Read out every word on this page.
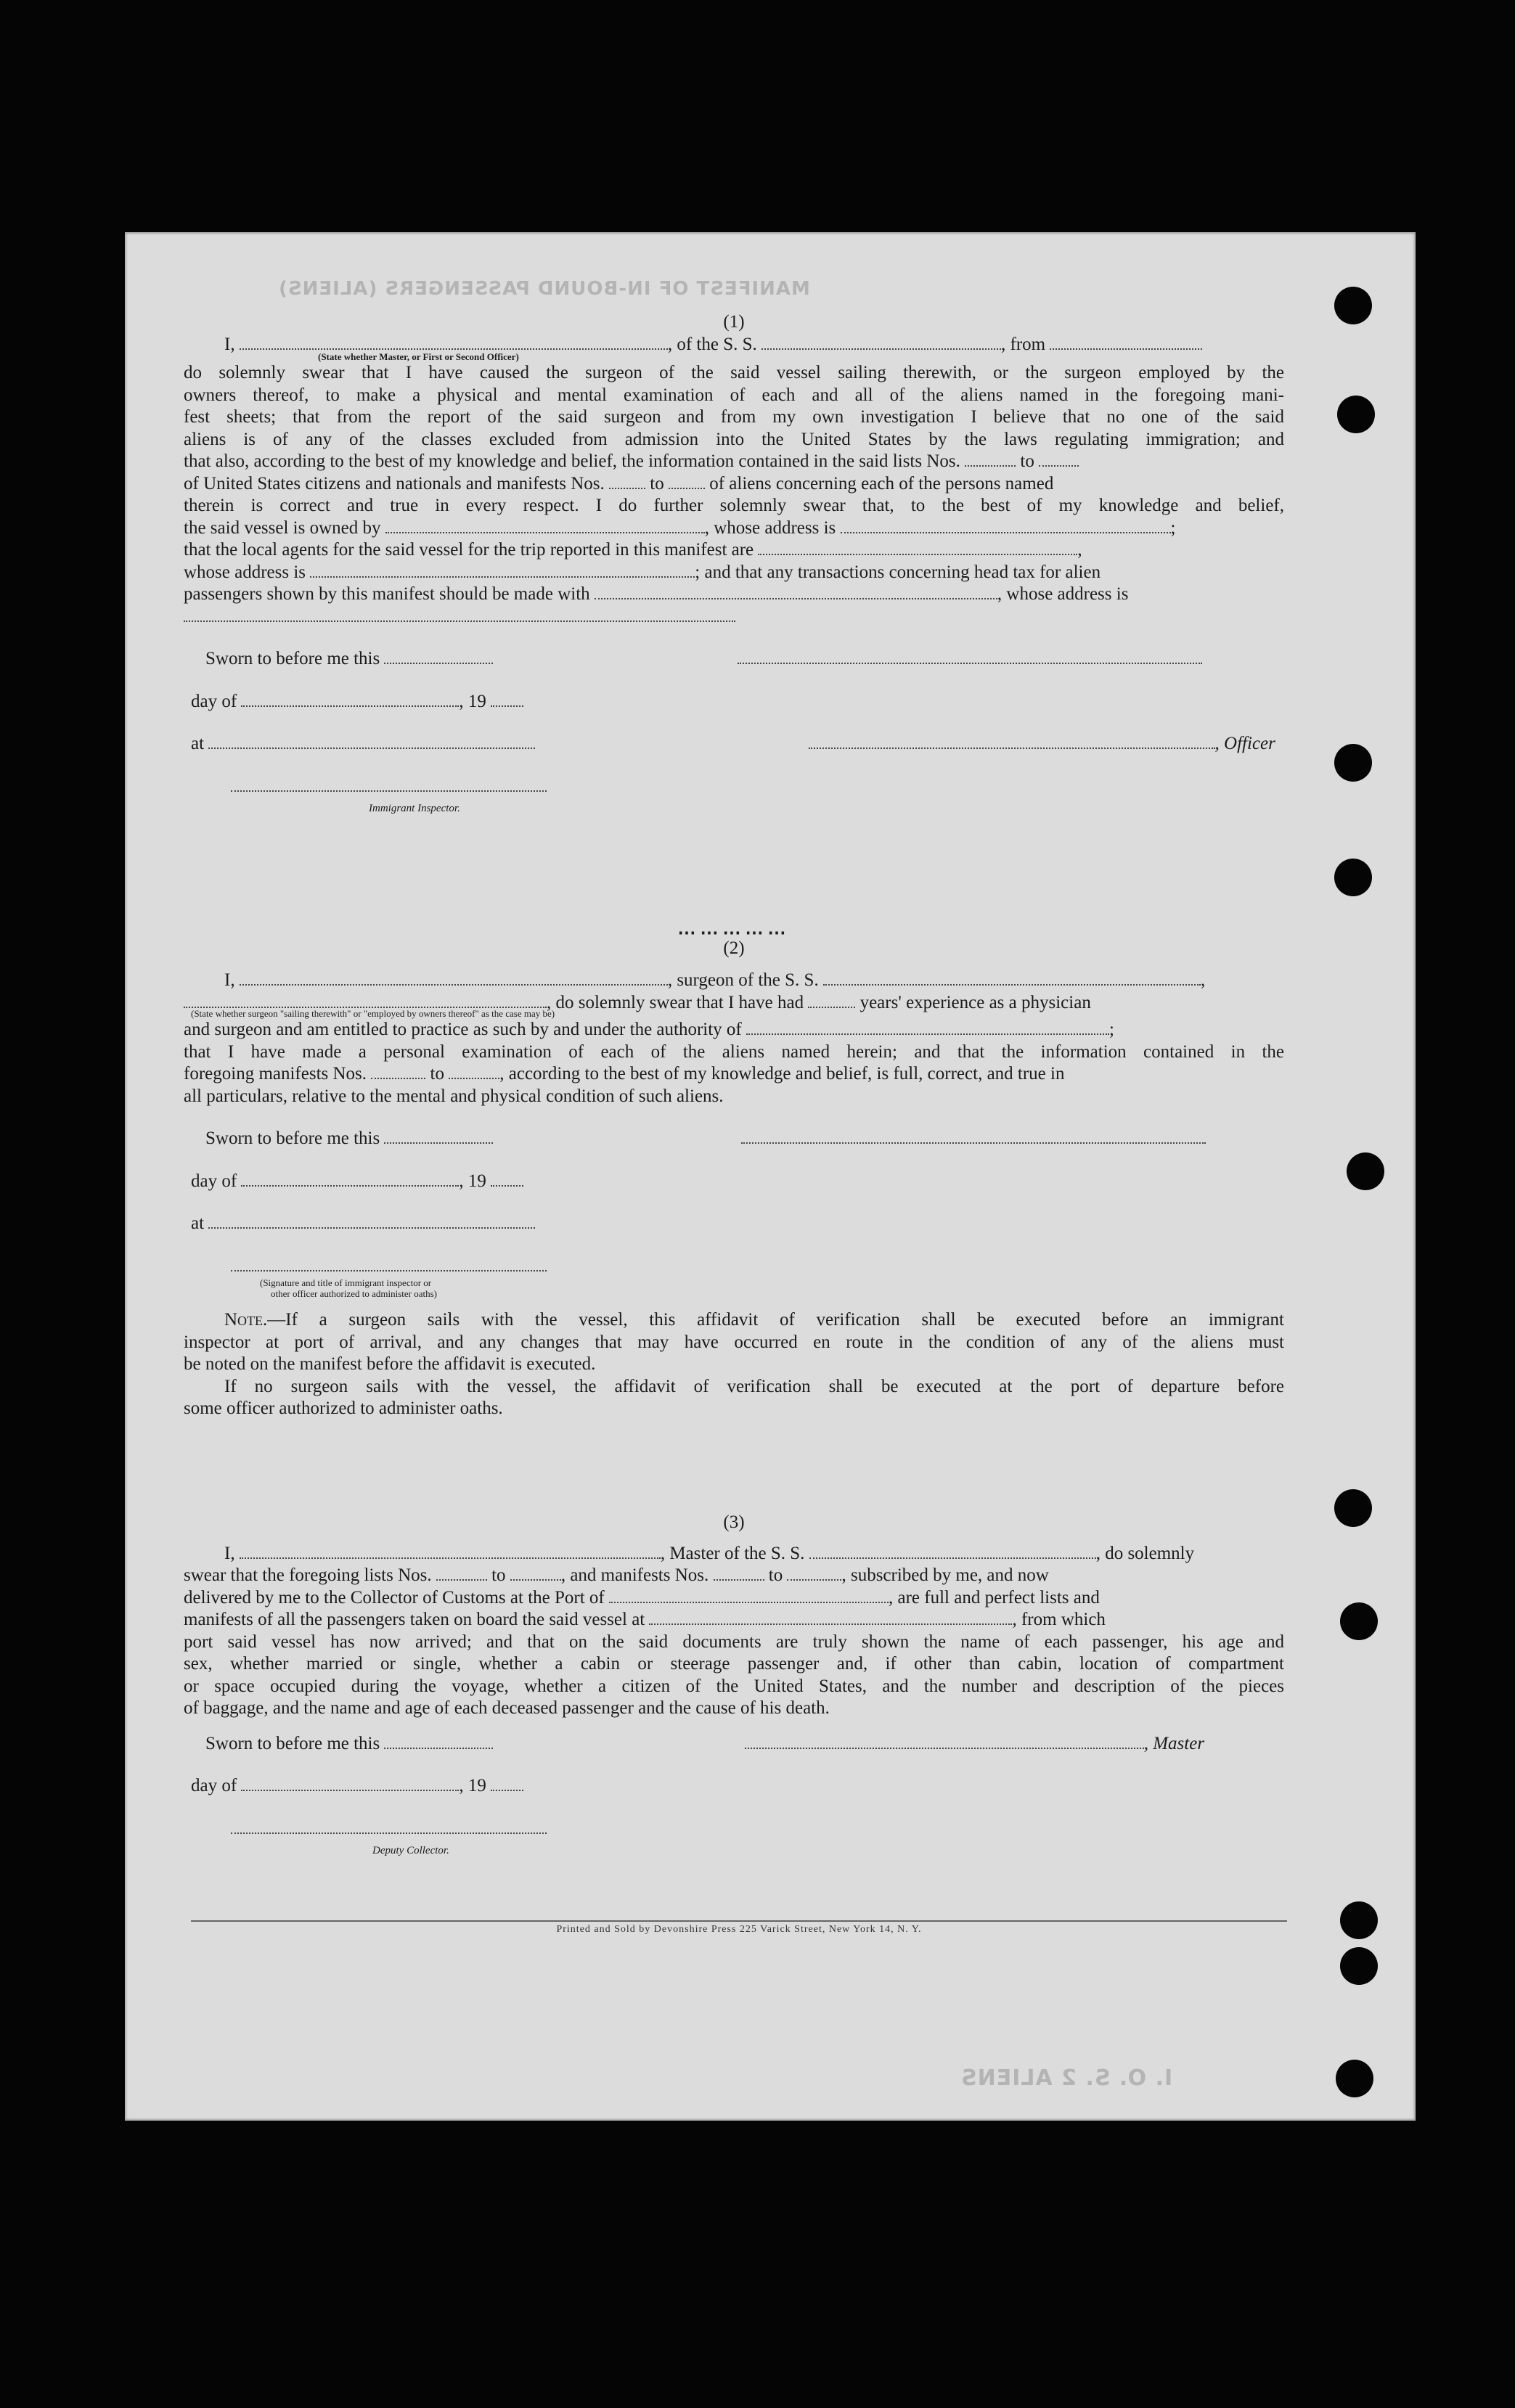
MANIFEST OF IN-BOUND PASSENGERS (ALIENS)
I. O. S. 2 ALIENS

(1)

I,	, of the S. S.	, from
(State whether Master, or First or Second Officer)
do solemnly swear that I have caused the surgeon of the said vessel sailing therewith, or the surgeon employed by the
owners thereof, to make a physical and mental examination of each and all of the aliens named in the foregoing mani-
fest sheets; that from the report of the said surgeon and from my own investigation I believe that no one of the said
aliens is of any of the classes excluded from admission into the United States by the laws regulating immigration; and
that also, according to the best of my knowledge and belief, the information contained in the said lists Nos.	to
of United States citizens and nationals and manifests Nos.	to	of aliens concerning each of the persons named
therein is correct and true in every respect. I do further solemnly swear that, to the best of my knowledge and belief,
the said vessel is owned by	, whose address is	;
that the local agents for the said vessel for the trip reported in this manifest are	,
whose address is	; and that any transactions concerning head tax for alien
passengers shown by this manifest should be made with	, whose address is
Sworn to before me this
day of	, 19
at	, Officer
Immigrant Inspector.
⋯⋯⋯⋯⋯

(2)

I,	, surgeon of the S. S.	,
, do solemnly swear that I have had	years' experience as a physician
(State whether surgeon "sailing therewith" or "employed by owners thereof" as the case may be)
and surgeon and am entitled to practice as such by and under the authority of	;
that I have made a personal examination of each of the aliens named herein; and that the information contained in the
foregoing manifests Nos.	to	, according to the best of my knowledge and belief, is full, correct, and true in
all particulars, relative to the mental and physical condition of such aliens.
Sworn to before me this
day of	, 19
at
(Signature and title of immigrant inspector or
other officer authorized to administer oaths)
Note.—If a surgeon sails with the vessel, this affidavit of verification shall be executed before an immigrant
inspector at port of arrival, and any changes that may have occurred en route in the condition of any of the aliens must
be noted on the manifest before the affidavit is executed.
If no surgeon sails with the vessel, the affidavit of verification shall be executed at the port of departure before
some officer authorized to administer oaths.

(3)

I,	, Master of the S. S.	, do solemnly
swear that the foregoing lists Nos.	to	, and manifests Nos.	to	, subscribed by me, and now
delivered by me to the Collector of Customs at the Port of	, are full and perfect lists and
manifests of all the passengers taken on board the said vessel at	, from which
port said vessel has now arrived; and that on the said documents are truly shown the name of each passenger, his age and
sex, whether married or single, whether a cabin or steerage passenger and, if other than cabin, location of compartment
or space occupied during the voyage, whether a citizen of the United States, and the number and description of the pieces
of baggage, and the name and age of each deceased passenger and the cause of his death.
Sworn to before me this	, Master
day of	, 19
Deputy Collector.
Printed and Sold by Devonshire Press 225 Varick Street, New York 14, N. Y.
